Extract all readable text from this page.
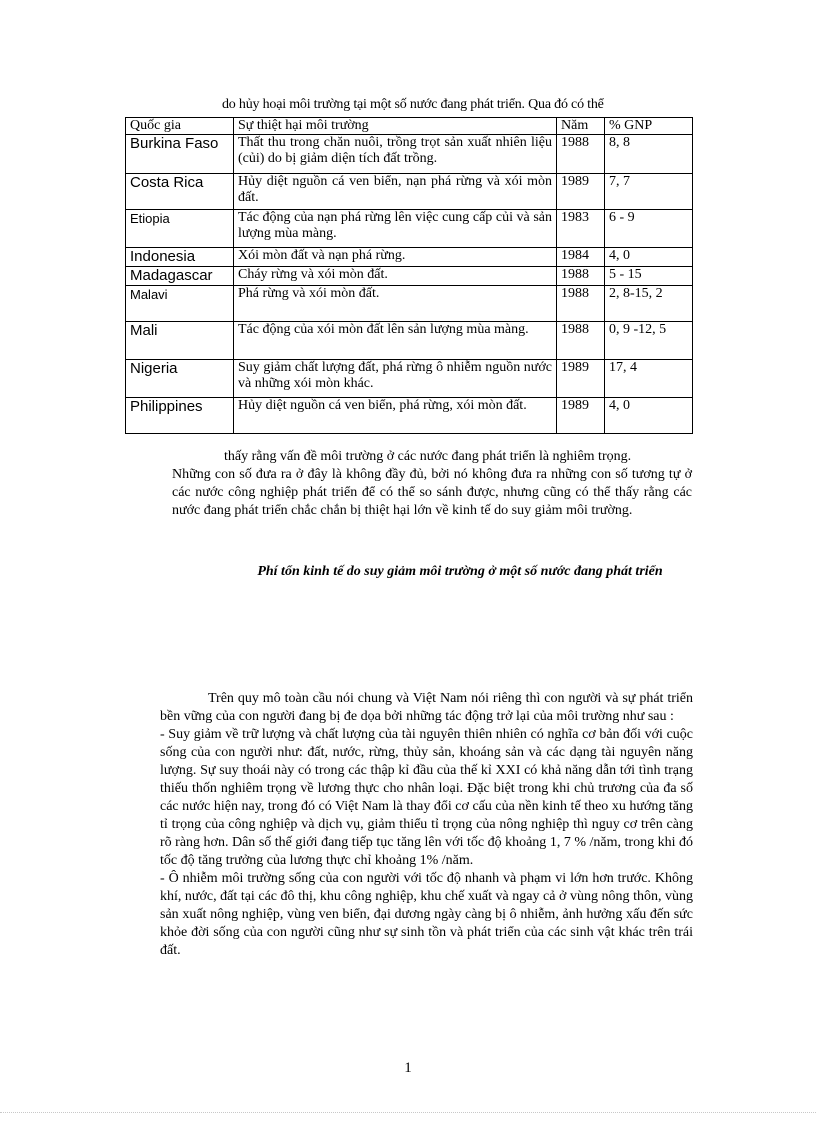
do hủy hoại môi trường tại một số nước đang phát triển. Qua đó có thể
Quốc gia	Sự thiệt hại môi trường	Năm	% GNP
Burkina Faso	Thất thu trong chăn nuôi, trồng trọt sản xuất nhiên liệu (củi) do bị giảm diện tích đất trồng.	1988	8, 8
Costa Rica	Hủy diệt nguồn cá ven biển, nạn phá rừng và xói mòn đất.	1989	7, 7
Etiopia	Tác động của nạn phá rừng lên việc cung cấp củi và sản lượng mùa màng.	1983	6 - 9
Indonesia	Xói mòn đất và nạn phá rừng.	1984	4, 0
Madagascar	Cháy rừng và xói mòn đất.	1988	5 - 15
Malavi	Phá rừng và xói mòn đất.	1988	2, 8-15, 2
Mali	Tác động của xói mòn đất lên sản lượng mùa màng.	1988	0, 9 -12, 5
Nigeria	Suy giảm chất lượng đất, phá rừng ô nhiễm nguồn nước và những xói mòn khác.	1989	17, 4
Philippines	Hủy diệt nguồn cá ven biển, phá rừng, xói mòn đất.	1989	4, 0
thấy rằng vấn đề môi trường ở các nước đang phát triển là nghiêm trọng.
Những con số đưa ra ở đây là không đầy đủ, bởi nó không đưa ra những con số tương tự ở các nước công nghiệp phát triển để có thể so sánh được, nhưng cũng có thể thấy rằng các nước đang phát triển chắc chắn bị thiệt hại lớn về kinh tế do suy giảm môi trường.
Phí tổn kinh tế do suy giảm môi trường ở một số nước đang phát triển

Trên quy mô toàn cầu nói chung và Việt Nam nói riêng thì con người và sự phát triển bền vững của con người đang bị đe dọa bởi những tác động trở lại của môi trường như sau :

- Suy giảm về trữ lượng và chất lượng của tài nguyên thiên nhiên có nghĩa cơ bản đối với cuộc sống của con người như: đất, nước, rừng, thủy sản, khoáng sản và các dạng tài nguyên năng lượng. Sự suy thoái này có trong các thập kỉ đầu của thế kỉ XXI có khả năng dẫn tới tình trạng thiếu thốn nghiêm trọng về lương thực cho nhân loại. Đặc biệt trong khi chủ trương của đa số các nước hiện nay, trong đó có Việt Nam là thay đổi cơ cấu của nền kinh tế theo xu hướng tăng tỉ trọng của công nghiệp và dịch vụ, giảm thiểu tỉ trọng của nông nghiệp thì nguy cơ trên càng rõ ràng hơn. Dân số thế giới đang tiếp tục tăng lên với tốc độ khoảng 1, 7 % /năm, trong khi đó tốc độ tăng trưởng của lương thực chỉ khoảng 1% /năm.

- Ô nhiễm môi trường sống của con người với tốc độ nhanh và phạm vi lớn hơn trước. Không khí, nước, đất tại các đô thị, khu công nghiệp, khu chế xuất và ngay cả ở vùng nông thôn, vùng sản xuất nông nghiệp, vùng ven biển, đại dương ngày càng bị ô nhiễm, ảnh hưởng xấu đến sức khỏe đời sống của con người cũng như sự sinh tồn và phát triển của các sinh vật khác trên trái đất.

1
